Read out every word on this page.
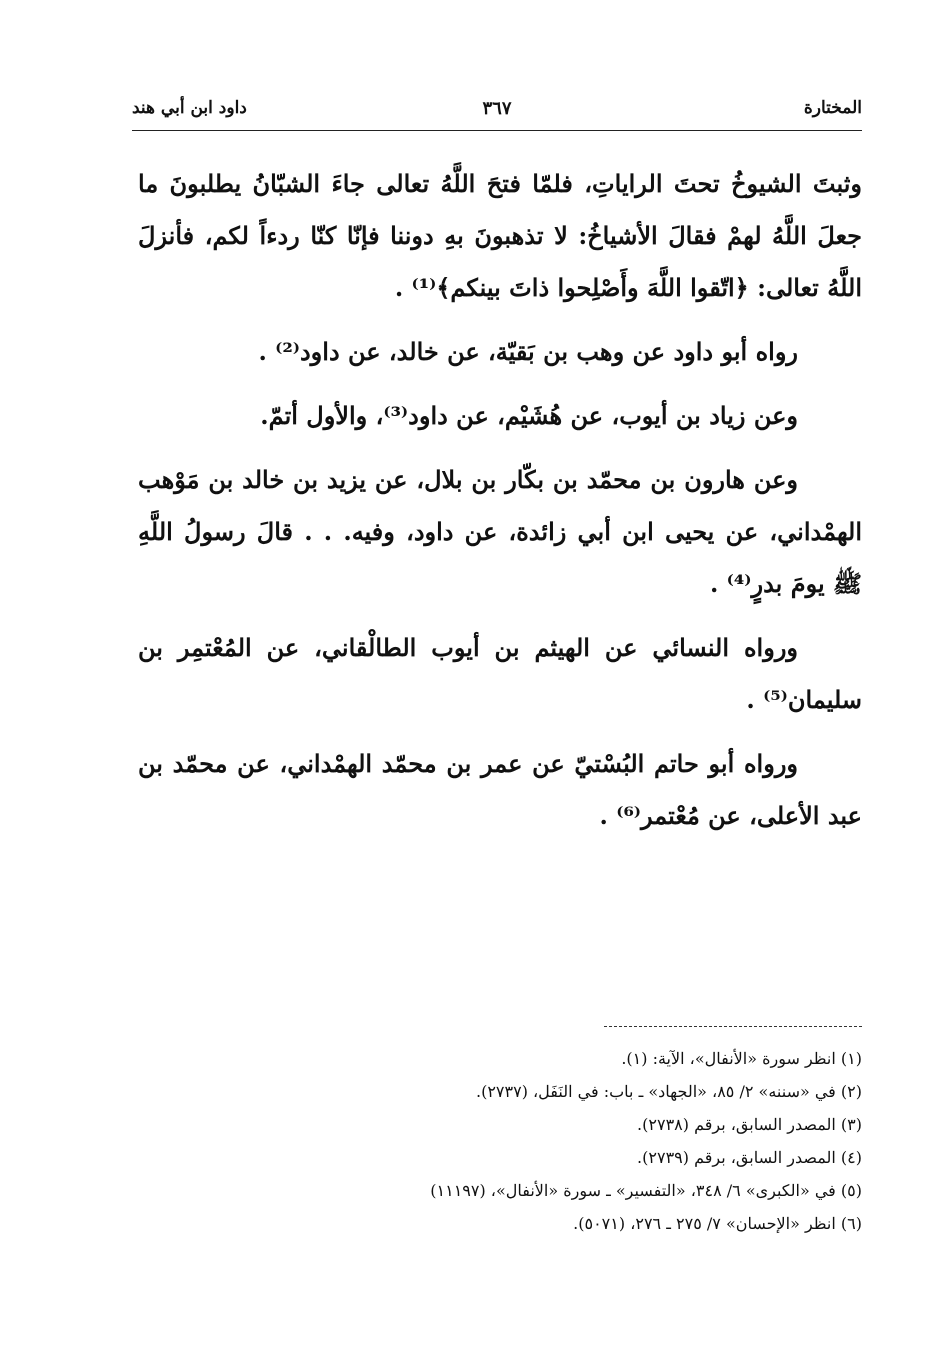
المختارة
٣٦٧
داود ابن أبي هند

وثبتَ الشيوخُ تحتَ الراياتِ، فلمّا فتحَ اللَّهُ تعالى جاءَ الشبّانُ يطلبونَ ما جعلَ اللَّهُ لهمْ فقالَ الأشياخُ: لا تذهبونَ بهِ دوننا فإنّا كنّا ردءاً لكم، فأنزلَ اللَّهُ تعالى: ﴿اتّقوا اللَّهَ وأَصْلِحوا ذاتَ بينكم﴾⁽¹⁾ .

رواه أبو داود عن وهب بن بَقيّة، عن خالد، عن داود⁽²⁾ .

وعن زياد بن أيوب، عن هُشَيْم، عن داود⁽³⁾، والأول أتمّ.

وعن هارون بن محمّد بن بكّار بن بلال، عن يزيد بن خالد بن مَوْهب الهمْداني، عن يحيى ابن أبي زائدة، عن داود، وفيه. . . قالَ رسولُ اللَّهِ ﷺ يومَ بدرٍ⁽⁴⁾ .

ورواه النسائي عن الهيثم بن أيوب الطالْقاني، عن المُعْتمِر بن سليمان⁽⁵⁾ .

ورواه أبو حاتم البُسْتيّ عن عمر بن محمّد الهمْداني، عن محمّد بن عبد الأعلى، عن مُعْتمر⁽⁶⁾ .

(١) انظر سورة «الأنفال»، الآية: (١).
(٢) في «سننه» ٢/ ٨٥، «الجهاد» ـ باب: في النَفَل، (٢٧٣٧).
(٣) المصدر السابق، برقم (٢٧٣٨).
(٤) المصدر السابق، برقم (٢٧٣٩).
(٥) في «الكبرى» ٦/ ٣٤٨، «التفسير» ـ سورة «الأنفال»، (١١١٩٧)
(٦) انظر «الإحسان» ٧/ ٢٧٥ ـ ٢٧٦، (٥٠٧١).
